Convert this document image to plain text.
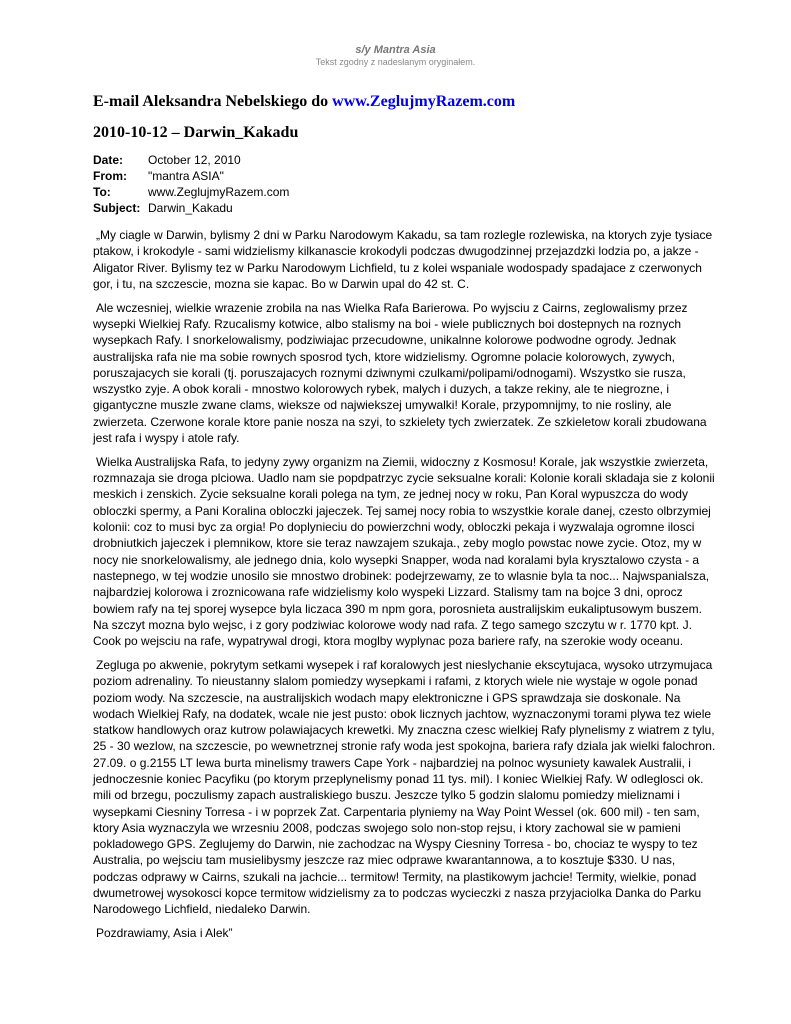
s/y Mantra Asia
Tekst zgodny z nadesłanym oryginałem.
E-mail Aleksandra Nebelskiego do www.ZeglujmyRazem.com
2010-10-12 – Darwin_Kakadu
Date:	October 12, 2010
From:	"mantra ASIA"
To:	www.ZeglujmyRazem.com
Subject:	Darwin_Kakadu

„My ciagle w Darwin, bylismy 2 dni w Parku Narodowym Kakadu, sa tam rozlegle rozlewiska, na ktorych zyje tysiace ptakow, i krokodyle - sami widzielismy kilkanascie krokodyli podczas dwugodzinnej przejazdzki lodzia po, a jakze - Aligator River. Bylismy tez w Parku Narodowym Lichfield, tu z kolei wspaniale wodospady spadajace z czerwonych gor, i tu, na szczescie, mozna sie kapac. Bo w Darwin upal do 42 st. C.

Ale wczesniej, wielkie wrazenie zrobila na nas Wielka Rafa Barierowa. Po wyjsciu z Cairns, zeglowalismy przez wysepki Wielkiej Rafy. Rzucalismy kotwice, albo stalismy na boi - wiele publicznych boi dostepnych na roznych wysepkach Rafy. I snorkelowalismy, podziwiajac przecudowne, unikalnne kolorowe podwodne ogrody. Jednak australijska rafa nie ma sobie rownych sposrod tych, ktore widzielismy. Ogromne polacie kolorowych, zywych, poruszajacych sie korali (tj. poruszajacych roznymi dziwnymi czulkami/polipami/odnogami). Wszystko sie rusza, wszystko zyje. A obok korali - mnostwo kolorowych rybek, malych i duzych, a takze rekiny, ale te niegrozne, i gigantyczne muszle zwane clams, wieksze od najwiekszej umywalki! Korale, przypomnijmy, to nie rosliny, ale zwierzeta. Czerwone korale ktore panie nosza na szyi, to szkielety tych zwierzatek. Ze szkieletow korali zbudowana jest rafa i wyspy i atole rafy.

Wielka Australijska Rafa, to jedyny zywy organizm na Ziemii, widoczny z Kosmosu! Korale, jak wszystkie zwierzeta, rozmnazaja sie droga plciowa. Uadlo nam sie popdpatrzyc zycie seksualne korali: Kolonie korali skladaja sie z kolonii meskich i zenskich. Zycie seksualne korali polega na tym, ze jednej nocy w roku, Pan Koral wypuszcza do wody obloczki spermy, a Pani Koralina obloczki jajeczek. Tej samej nocy robia to wszystkie korale danej, czesto olbrzymiej kolonii: coz to musi byc za orgia! Po doplynieciu do powierzchni wody, obloczki pekaja i wyzwalaja ogromne ilosci drobniutkich jajeczek i plemnikow, ktore sie teraz nawzajem szukaja., zeby moglo powstac nowe zycie. Otoz, my w nocy nie snorkelowalismy, ale jednego dnia, kolo wysepki Snapper, woda nad koralami byla krysztalowo czysta - a nastepnego, w tej wodzie unosilo sie mnostwo drobinek: podejrzewamy, ze to wlasnie byla ta noc... Najwspanialsza, najbardziej kolorowa i zroznicowana rafe widzielismy kolo wyspeki Lizzard. Stalismy tam na bojce 3 dni, oprocz bowiem rafy na tej sporej wysepce byla liczaca 390 m npm gora, porosnieta australijskim eukaliptusowym buszem. Na szczyt mozna bylo wejsc, i z gory podziwiac kolorowe wody nad rafa. Z tego samego szczytu w r. 1770 kpt. J. Cook po wejsciu na rafe, wypatrywal drogi, ktora moglby wyplynac poza bariere rafy, na szerokie wody oceanu.

Zegluga po akwenie, pokrytym setkami wysepek i raf koralowych jest nieslychanie ekscytujaca, wysoko utrzymujaca poziom adrenaliny. To nieustanny slalom pomiedzy wysepkami i rafami, z ktorych wiele nie wystaje w ogole ponad poziom wody. Na szczescie, na australijskich wodach mapy elektroniczne i GPS sprawdzaja sie doskonale. Na wodach Wielkiej Rafy, na dodatek, wcale nie jest pusto: obok licznych jachtow, wyznaczonymi torami plywa tez wiele statkow handlowych oraz kutrow polawiajacych krewetki. My znaczna czesc wielkiej Rafy plynelismy z wiatrem z tylu, 25 - 30 wezlow, na szczescie, po wewnetrznej stronie rafy woda jest spokojna, bariera rafy dziala jak wielki falochron. 27.09. o g.2155 LT lewa burta minelismy trawers Cape York - najbardziej na polnoc wysuniety kawalek Australii, i jednoczesnie koniec Pacyfiku (po ktorym przeplynelismy ponad 11 tys. mil). I koniec Wielkiej Rafy. W odleglosci ok. mili od brzegu, poczulismy zapach australiskiego buszu. Jeszcze tylko 5 godzin slalomu pomiedzy mieliznami i wysepkami Ciesniny Torresa - i w poprzek Zat. Carpentaria plyniemy na Way Point Wessel (ok. 600 mil) - ten sam, ktory Asia wyznaczyla we wrzesniu 2008, podczas swojego solo non-stop rejsu, i ktory zachowal sie w pamieni pokladowego GPS. Zeglujemy do Darwin, nie zachodzac na Wyspy Ciesniny Torresa - bo, chociaz te wyspy to tez Australia, po wejsciu tam musielibysmy jeszcze raz miec odprawe kwarantannowa, a to kosztuje $330. U nas, podczas odprawy w Cairns, szukali na jachcie... termitow! Termity, na plastikowym jachcie! Termity, wielkie, ponad dwumetrowej wysokosci kopce termitow widzielismy za to podczas wycieczki z nasza przyjaciolka Danka do Parku Narodowego Lichfield, niedaleko Darwin.

Pozdrawiamy, Asia i Alek”
